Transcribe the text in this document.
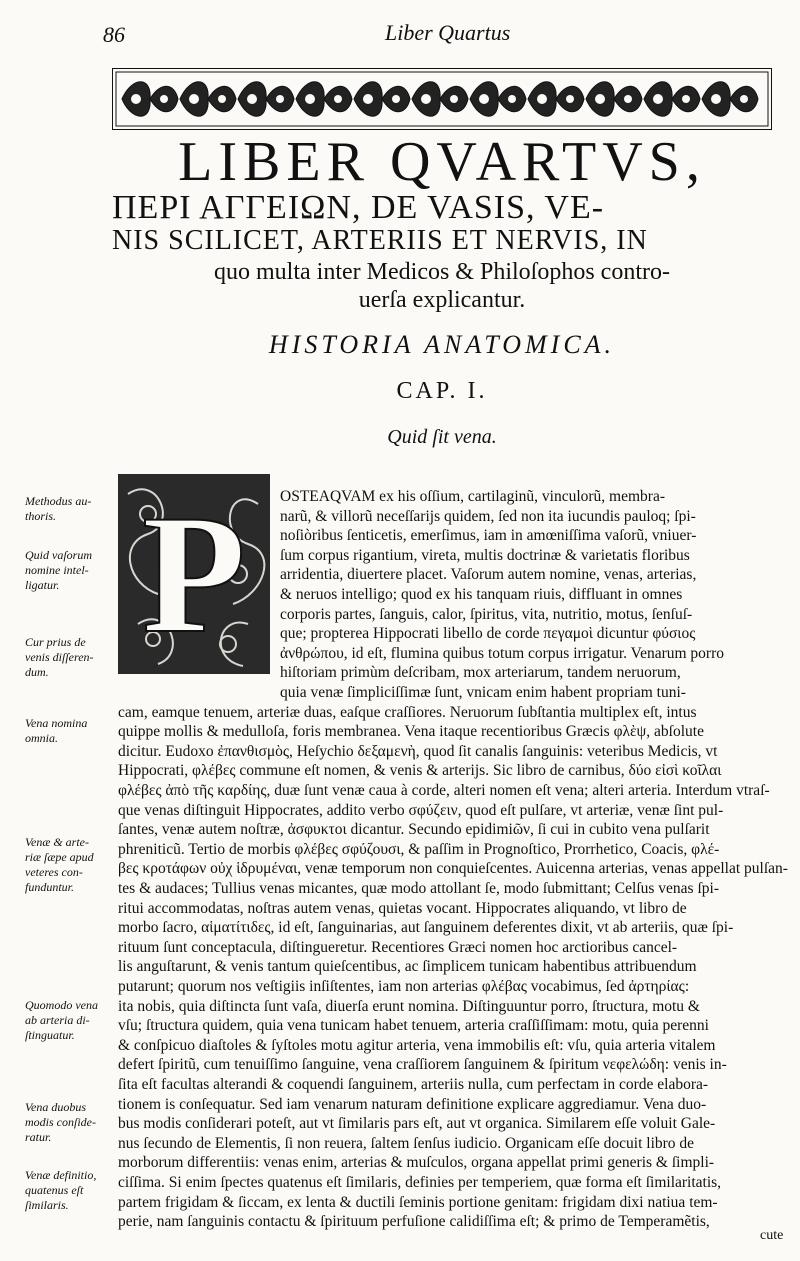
86	Liber Quartus
LIBER QVARTVS,
ΠΕΡΙ ΑΓΓΕΙΩΝ, DE VASIS, VE-
NIS SCILICET, ARTERIIS ET NERVIS, IN
quo multa inter Medicos & Philoſophos contro-
uerſa explicantur.
HISTORIA ANATOMICA.
CAP. I.
Quid ſit vena.
P	OSTEAQVAM ex his oſſium, cartilaginũ, vinculorũ, membra-
narũ, & villorũ neceſſarijs quidem, ſed non ita iucundis pauloq; ſpi-
noſiòribus ſenticetis, emerſimus, iam in amœniſſima vaſorũ, vniuer-
ſum corpus rigantium, vireta, multis doctrinæ & varietatis floribus
arridentia, diuertere placet. Vaſorum autem nomine, venas, arterias,
& neruos intelligo; quod ex his tanquam riuis, diffluant in omnes
corporis partes, ſanguis, calor, ſpiritus, vita, nutritio, motus, ſenſuſ-
que; propterea Hippocrati libello de corde πεγαμοὶ dicuntur φύσιος
ἀνθρώπου, id eſt, flumina quibus totum corpus irrigatur. Venarum porro
hiſtoriam primùm deſcribam, mox arteriarum, tandem neruorum,
quia venæ ſimpliciſſimæ ſunt, vnicam enim habent propriam tuni-
cam, eamque tenuem, arteriæ duas, eaſque craſſiores. Neruorum ſubſtantia multiplex eſt, intus
quippe mollis & medulloſa, foris membranea. Vena itaque recentioribus Græcis φλὲψ, abſolute
dicitur. Eudoxo ἐπανθισμὸς, Heſychio δεξαμενὴ, quod ſit canalis ſanguinis: veteribus Medicis, vt
Hippocrati, φλέβες commune eſt nomen, & venis & arterijs. Sic libro de carnibus, δύο εἰσὶ κοῖλαι
φλέβες ἀπὸ τῆς καρδίης, duæ ſunt venæ caua à corde, alteri nomen eſt vena; alteri arteria. Interdum vtraſ-
que venas diſtinguit Hippocrates, addito verbo σφύζειν, quod eſt pulſare, vt arteriæ, venæ ſint pul-
ſantes, venæ autem noſtræ, ἀσφυκτοι dicantur. Secundo epidimiῶν, ſi cui in cubito vena pulſarit
phreniticũ. Tertio de morbis φλέβες σφύζουσι, & paſſim in Prognoſtico, Prorrhetico, Coacis, φλέ-
βες κροτάφων οὐχ ἱδρυμέναι, venæ temporum non conquieſcentes. Auicenna arterias, venas appellat pulſan-
tes & audaces; Tullius venas micantes, quæ modo attollant ſe, modo ſubmittant; Celſus venas ſpi-
ritui accommodatas, noſtras autem venas, quietas vocant. Hippocrates aliquando, vt libro de
morbo ſacro, αἱματίτιδες, id eſt, ſanguinarias, aut ſanguinem deferentes dixit, vt ab arteriis, quæ ſpi-
rituum ſunt conceptacula, diſtingueretur. Recentiores Græci nomen hoc arctioribus cancel-
lis anguſtarunt, & venis tantum quieſcentibus, ac ſimplicem tunicam habentibus attribuendum
putarunt; quorum nos veſtigiis inſiſtentes, iam non arterias φλέβας vocabimus, ſed ἀρτηρίας:
ita nobis, quia diſtincta ſunt vaſa, diuerſa erunt nomina. Diſtinguuntur porro, ſtructura, motu &
vſu; ſtructura quidem, quia vena tunicam habet tenuem, arteria craſſiſſimam: motu, quia perenni
& conſpicuo diaſtoles & ſyſtoles motu agitur arteria, vena immobilis eſt: vſu, quia arteria vitalem
defert ſpiritũ, cum tenuiſſimo ſanguine, vena craſſiorem ſanguinem & ſpiritum νεφελώδη: venis in-
ſita eſt facultas alterandi & coquendi ſanguinem, arteriis nulla, cum perfectam in corde elabora-
tionem is conſequatur. Sed iam venarum naturam definitione explicare aggrediamur. Vena duo-
bus modis conſiderari poteſt, aut vt ſimilaris pars eſt, aut vt organica. Similarem eſſe voluit Gale-
nus ſecundo de Elementis, ſi non reuera, ſaltem ſenſus iudicio. Organicam eſſe docuit libro de
morborum differentiis: venas enim, arterias & muſculos, organa appellat primi generis & ſimpli-
ciſſima. Si enim ſpectes quatenus eſt ſimilaris, definies per temperiem, quæ forma eſt ſimilaritatis,
partem frigidam & ſiccam, ex lenta & ductili ſeminis portione genitam: frigidam dixi natiua tem-
perie, nam ſanguinis contactu & ſpirituum perfuſione calidiſſima eſt; & primo de Temperamẽtis,
Methodus au-
thoris.
Quid vaſorum
nomine intel-
ligatur.
Cur prius de
venis diſſeren-
dum.
Vena nomina
omnia.
Venæ & arte-
riæ ſæpe apud
veteres con-
funduntur.
Quomodo vena
ab arteria di-
ſtinguatur.
Vena duobus
modis conſide-
ratur.
Venæ definitio,
quatenus eſt
ſimilaris.
cute
